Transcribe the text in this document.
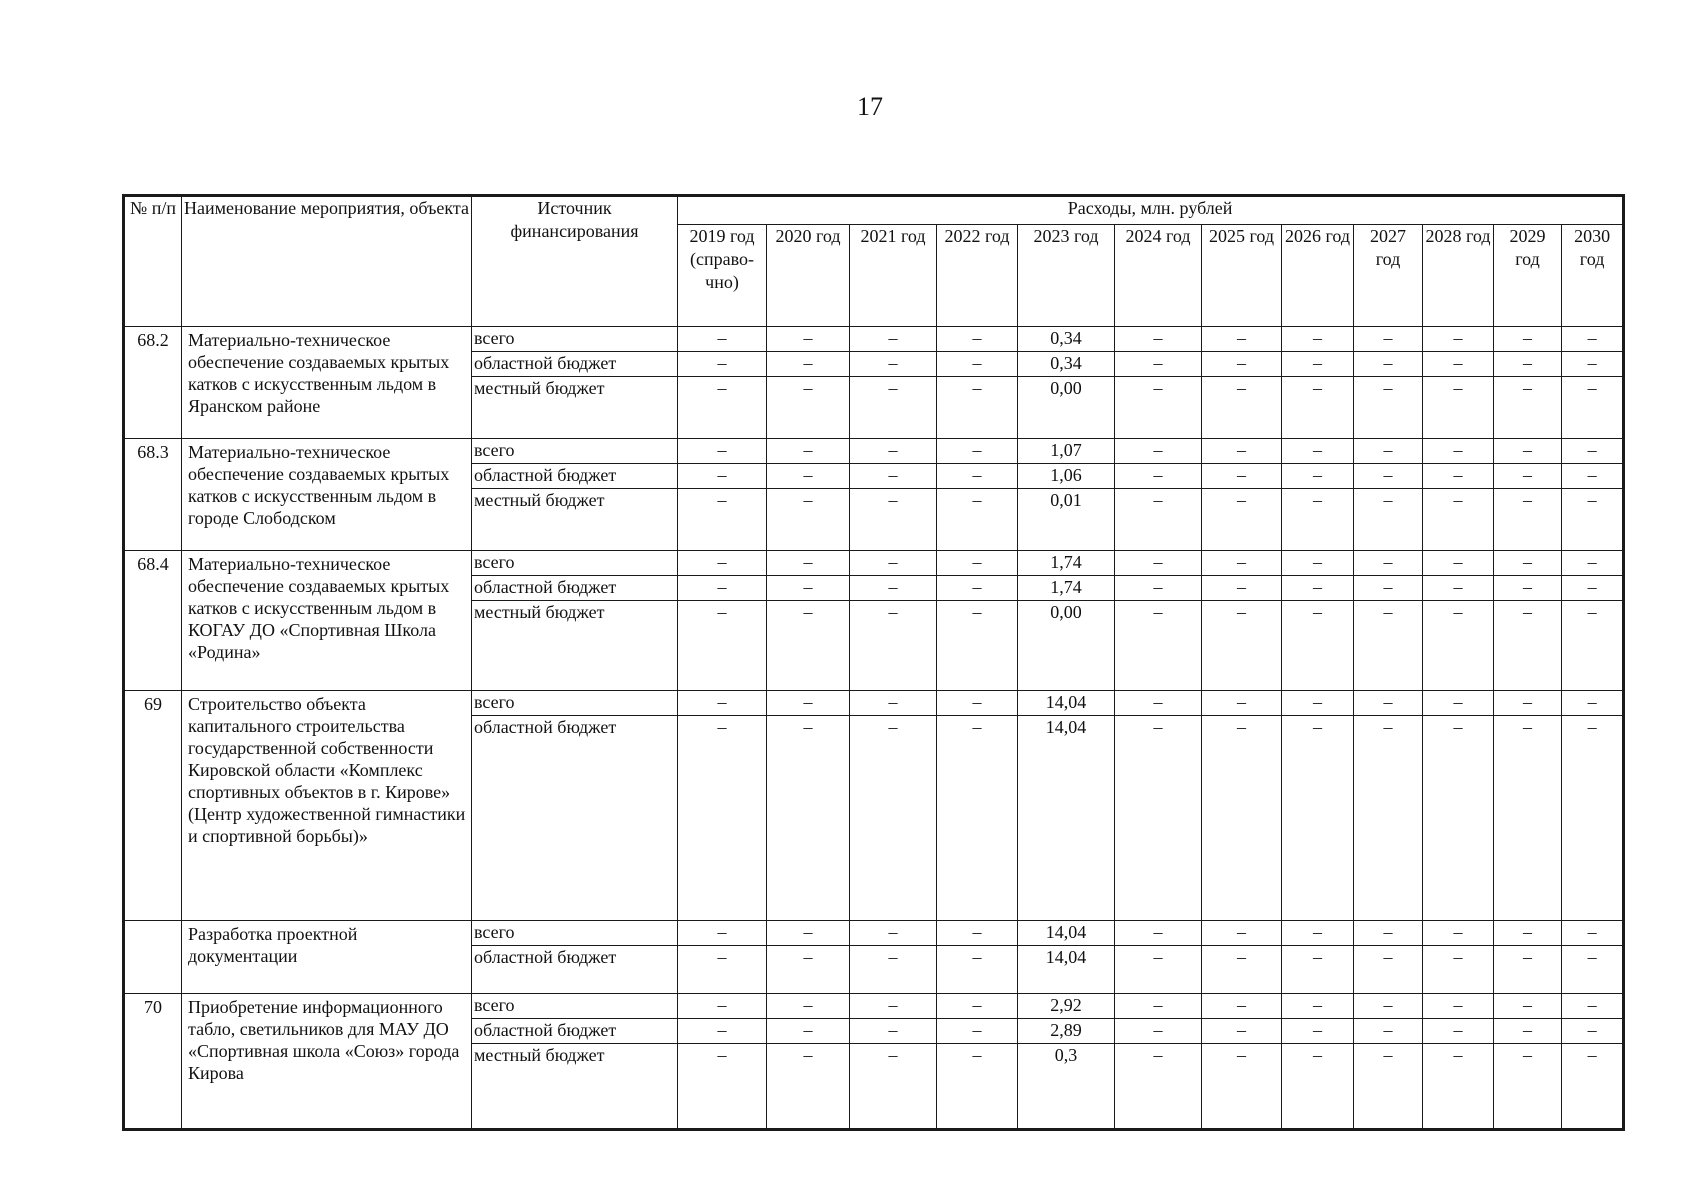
17
№ п/п	Наименование мероприятия, объекта	Источник финансирования	Расходы, млн. рублей											
			2019 год (справо-чно)	2020 год	2021 год	2022 год	2023 год	2024 год	2025 год	2026 год	2027 год	2028 год	2029 год	2030 год
68.2	Материально-техническое обеспечение создаваемых крытых катков с искусственным льдом в Яранском районе	всего	–	–	–	–	0,34	–	–	–	–	–	–	–
		областной бюджет	–	–	–	–	0,34	–	–	–	–	–	–	–
		местный бюджет	–	–	–	–	0,00	–	–	–	–	–	–	–
68.3	Материально-техническое обеспечение создаваемых крытых катков с искусственным льдом в городе Слободском	всего	–	–	–	–	1,07	–	–	–	–	–	–	–
		областной бюджет	–	–	–	–	1,06	–	–	–	–	–	–	–
		местный бюджет	–	–	–	–	0,01	–	–	–	–	–	–	–
68.4	Материально-техническое обеспечение создаваемых крытых катков с искусственным льдом в КОГАУ ДО «Спортивная Школа «Родина»	всего	–	–	–	–	1,74	–	–	–	–	–	–	–
		областной бюджет	–	–	–	–	1,74	–	–	–	–	–	–	–
		местный бюджет	–	–	–	–	0,00	–	–	–	–	–	–	–
69	Строительство объекта капитального строительства государственной собственности Кировской области «Комплекс спортивных объектов в г. Кирове» (Центр художественной гимнастики и спортивной борьбы)»	всего	–	–	–	–	14,04	–	–	–	–	–	–	–
		областной бюджет	–	–	–	–	14,04	–	–	–	–	–	–	–
	Разработка проектной документации	всего	–	–	–	–	14,04	–	–	–	–	–	–	–
		областной бюджет	–	–	–	–	14,04	–	–	–	–	–	–	–
70	Приобретение информационного табло, светильников для МАУ ДО «Спортивная школа «Союз» города Кирова	всего	–	–	–	–	2,92	–	–	–	–	–	–	–
		областной бюджет	–	–	–	–	2,89	–	–	–	–	–	–	–
		местный бюджет	–	–	–	–	0,3	–	–	–	–	–	–	–
